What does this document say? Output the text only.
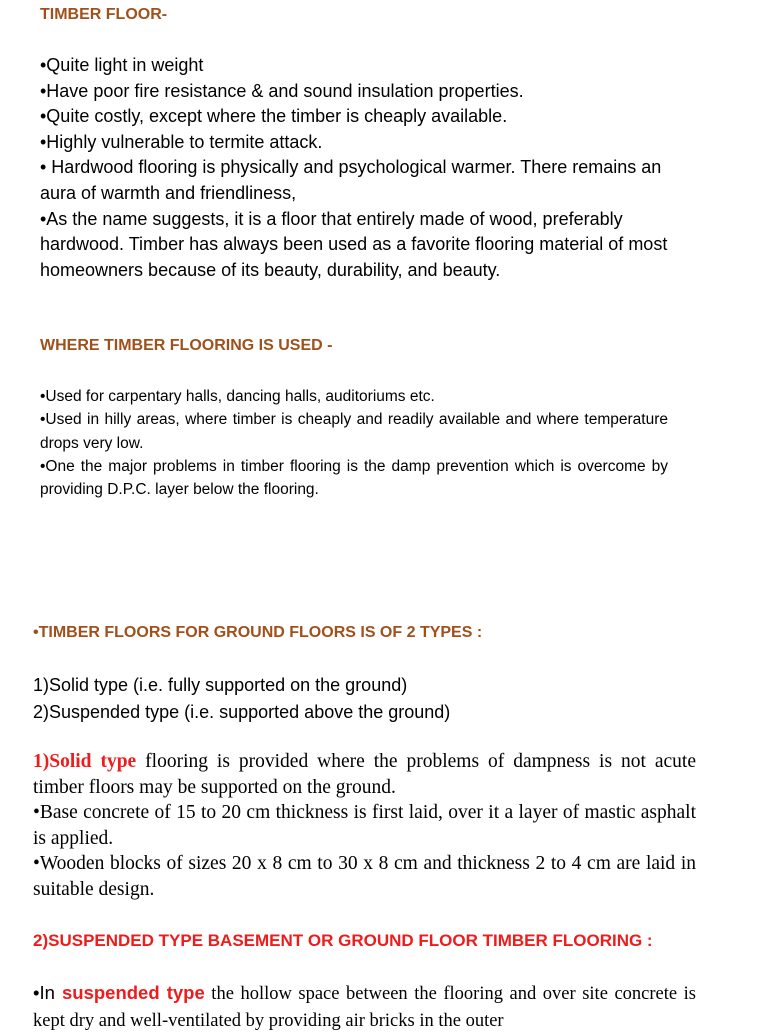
TIMBER FLOOR-
•Quite light in weight
•Have poor fire resistance & and sound insulation properties.
•Quite costly, except where the timber is cheaply available.
•Highly vulnerable to termite attack.
• Hardwood flooring is physically and psychological warmer. There remains an aura of warmth and friendliness,
•As the name suggests, it is a floor that entirely made of wood, preferably hardwood. Timber has always been used as a favorite flooring material of most homeowners because of its beauty, durability, and beauty.
WHERE TIMBER FLOORING IS USED -
•Used for carpentary halls, dancing halls, auditoriums etc.
•Used in hilly areas, where timber is cheaply and readily available and where temperature drops very low.
•One the major problems in timber flooring is the damp prevention which is overcome by providing D.P.C. layer below the flooring.
•TIMBER FLOORS FOR GROUND FLOORS IS OF 2 TYPES :
1)Solid type (i.e. fully supported on the ground)
2)Suspended type (i.e. supported above the ground)
1)Solid type flooring is provided where the problems of dampness is not acute timber floors may be supported on the ground.
•Base concrete of 15 to 20 cm thickness is first laid, over it a layer of mastic asphalt is applied.
•Wooden blocks of sizes 20 x 8 cm to 30 x 8 cm and thickness 2 to 4 cm are laid in suitable design.
2)SUSPENDED TYPE BASEMENT OR GROUND FLOOR TIMBER FLOORING :
•In suspended type the hollow space between the flooring and over site concrete is kept dry and well-ventilated by providing air bricks in the outer
